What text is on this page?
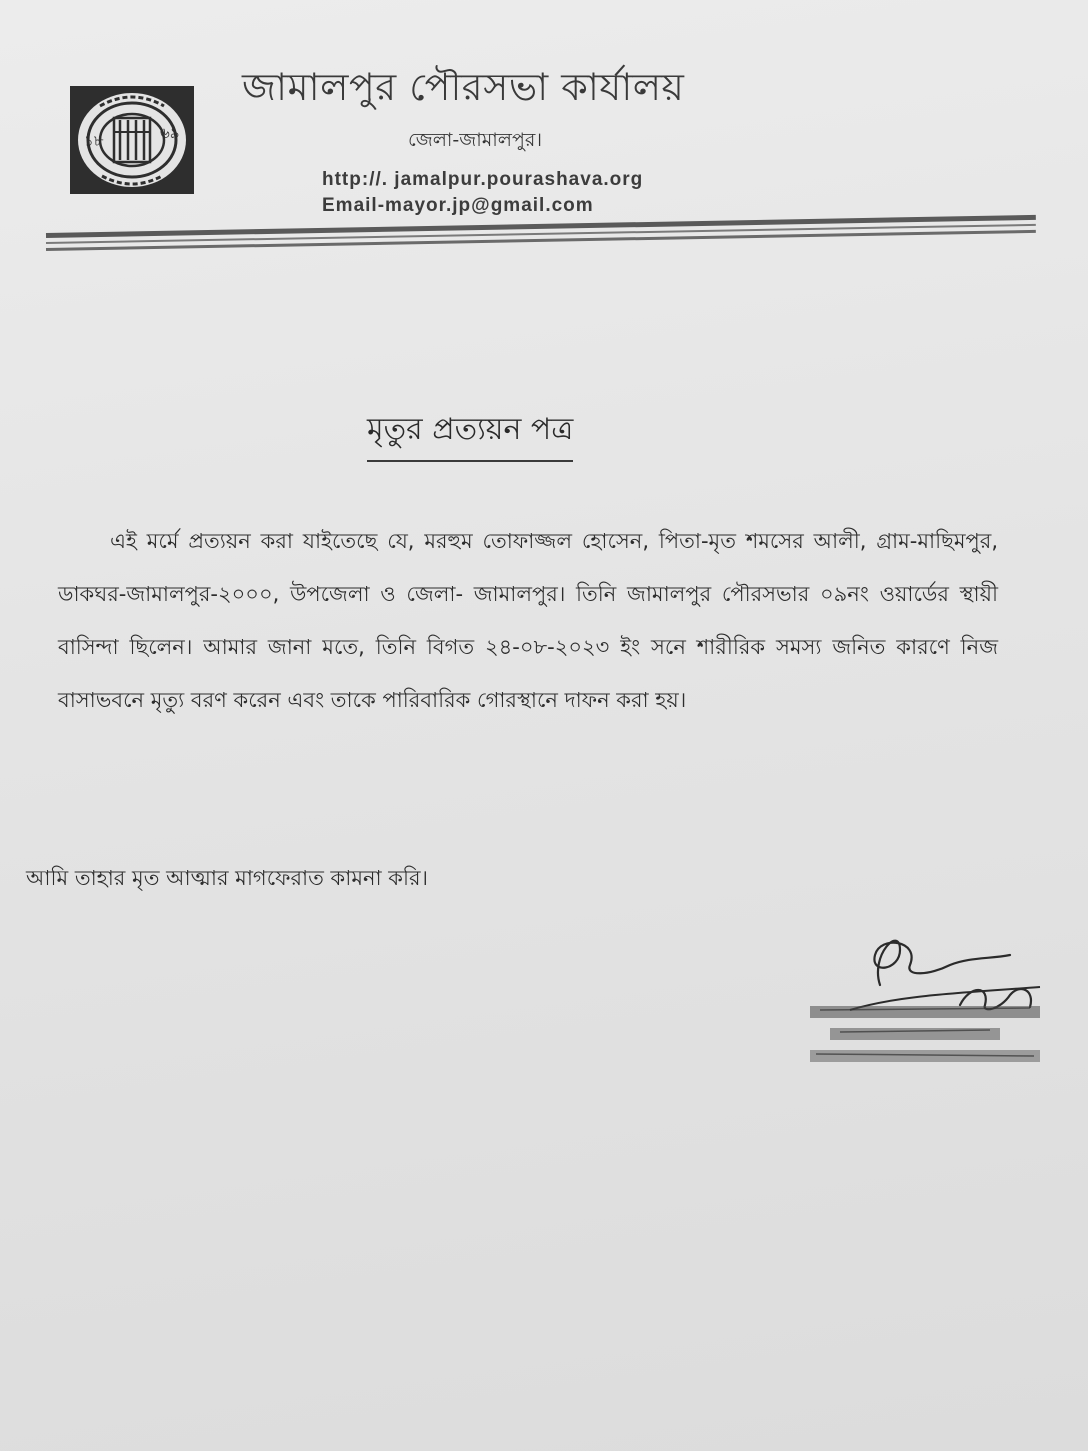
১৮	৬৯
জামালপুর পৌরসভা কার্যালয়
জেলা-জামালপুর।
http://. jamalpur.pourashava.org
Email-mayor.jp@gmail.com
মৃতুর প্রত্যয়ন পত্র

এই মর্মে প্রত্যয়ন করা যাইতেছে যে, মরহুম তোফাজ্জল হোসেন, পিতা-মৃত শমসের আলী, গ্রাম-মাছিমপুর, ডাকঘর-জামালপুর-২০০০, উপজেলা ও জেলা- জামালপুর। তিনি জামালপুর পৌরসভার ০৯নং ওয়ার্ডের স্থায়ী বাসিন্দা ছিলেন। আমার জানা মতে, তিনি বিগত ২৪-০৮-২০২৩ ইং সনে শারীরিক সমস্য জনিত কারণে নিজ বাসাভবনে মৃত্যু বরণ করেন এবং তাকে পারিবারিক গোরস্থানে দাফন করা হয়।

আমি তাহার মৃত আত্মার মাগফেরাত কামনা করি।
